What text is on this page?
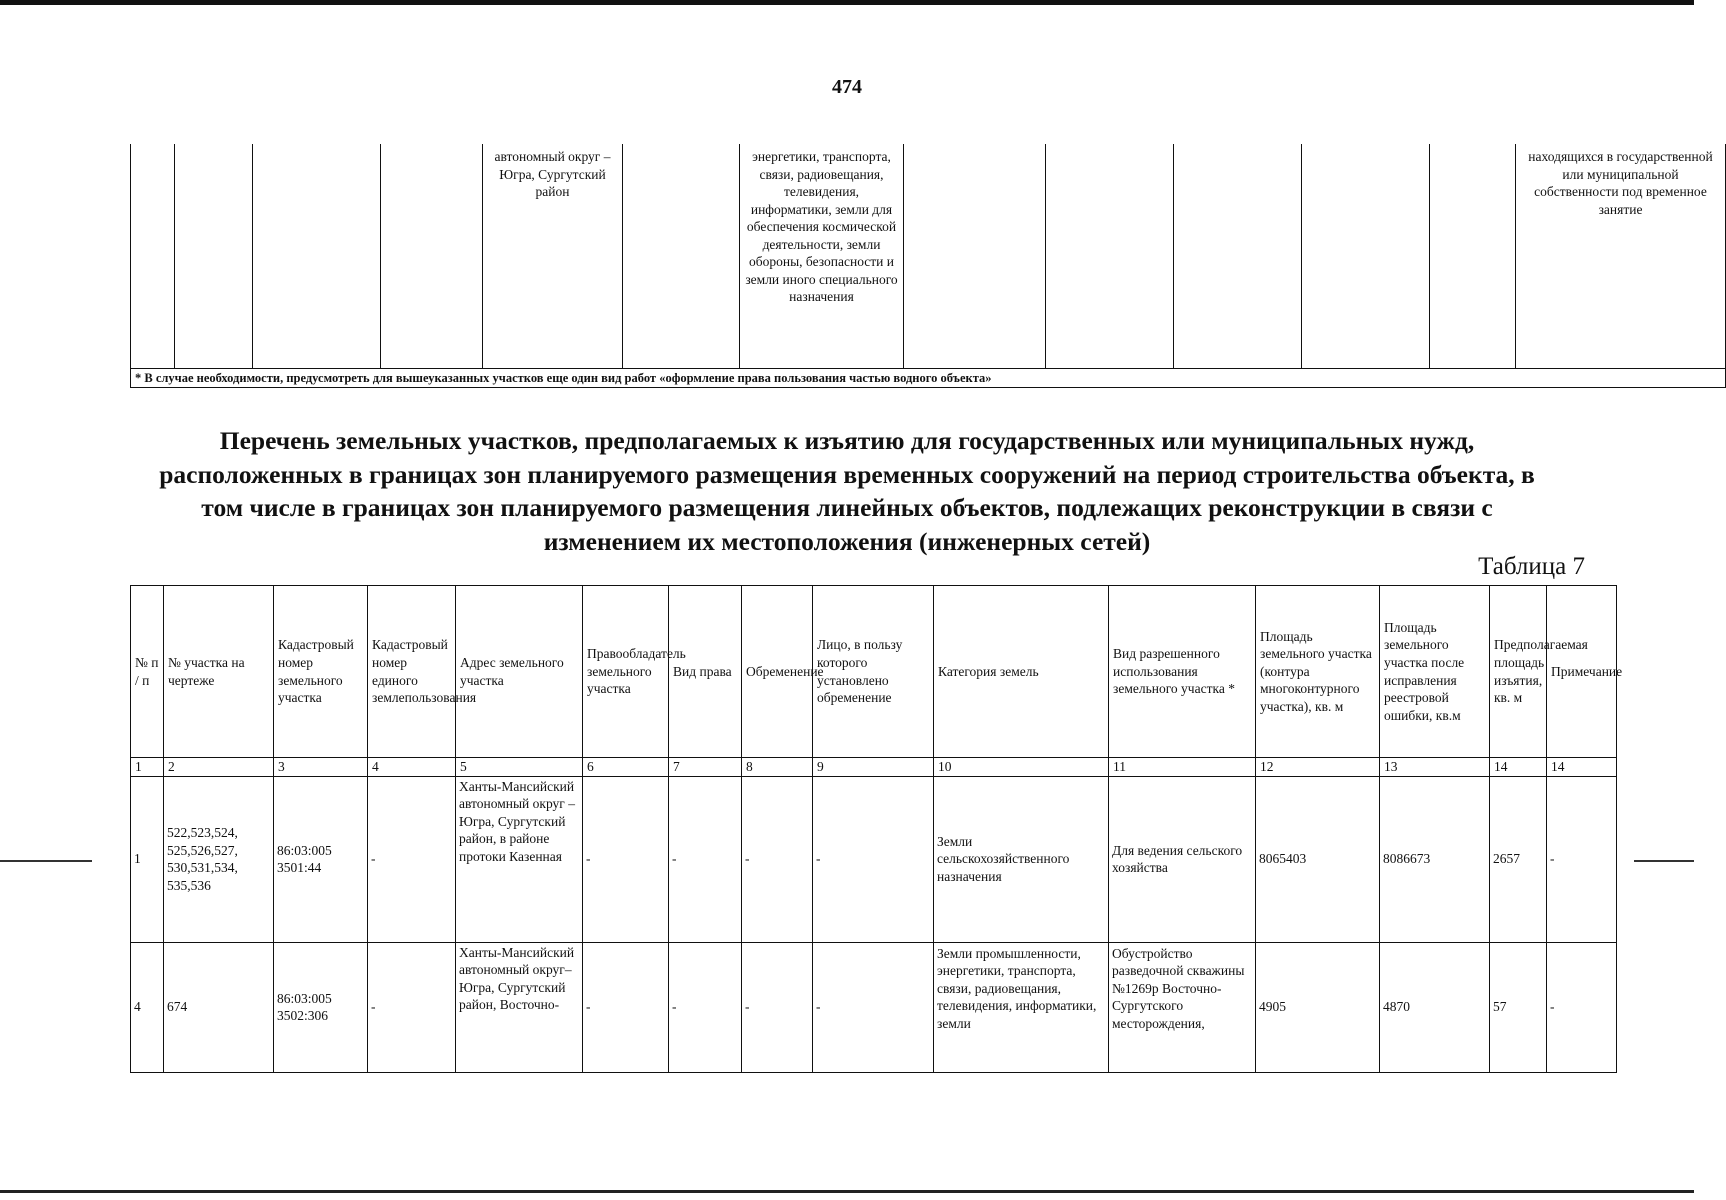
474
				автономный округ – Югра, Сургутский район		энергетики, транспорта, связи, радиовещания, телевидения, информатики, земли для обеспечения космической деятельности, земли обороны, безопасности и земли иного специального назначения						находящихся в государственной или муниципальной собственности под временное занятие
* В случае необходимости, предусмотреть для вышеуказанных участков еще один вид работ «оформление права пользования частью водного объекта»
Перечень земельных участков, предполагаемых к изъятию для государственных или муниципальных нужд, расположенных в границах зон планируемого размещения временных сооружений на период строительства объекта, в том числе в границах зон планируемого размещения линейных объектов, подлежащих реконструкции в связи с изменением их местоположения (инженерных сетей)
Таблица 7
№ п / п	№ участка на чертеже	Кадастровый номер земельного участка	Кадастровый номер единого землепользования	Адрес земельного участка	Правообладатель земельного участка	Вид права	Обременение	Лицо, в пользу которого установлено обременение	Категория земель	Вид разрешенного использования земельного участка *	Площадь земельного участка (контура многоконтурного участка), кв. м	Площадь земельного участка после исправления реестровой ошибки, кв.м	Предполагаемая площадь изъятия, кв. м	Примечание
1	2	3	4	5	6	7	8	9	10	11	12	13	14	14
1	522,523,524, 525,526,527, 530,531,534, 535,536	86:03:005 3501:44	-	Ханты-Мансийский автономный округ – Югра, Сургутский район, в районе протоки Казенная	-	-	-	-	Земли сельскохозяйственного назначения	Для ведения сельского хозяйства	8065403	8086673	2657	-
4	674	86:03:005 3502:306	-	Ханты-Мансийский автономный округ– Югра, Сургутский район, Восточно-	-	-	-	-	Земли промышленности, энергетики, транспорта, связи, радиовещания, телевидения, информатики, земли	Обустройство разведочной скважины №1269р Восточно-Сургутского месторождения,	4905	4870	57	-
